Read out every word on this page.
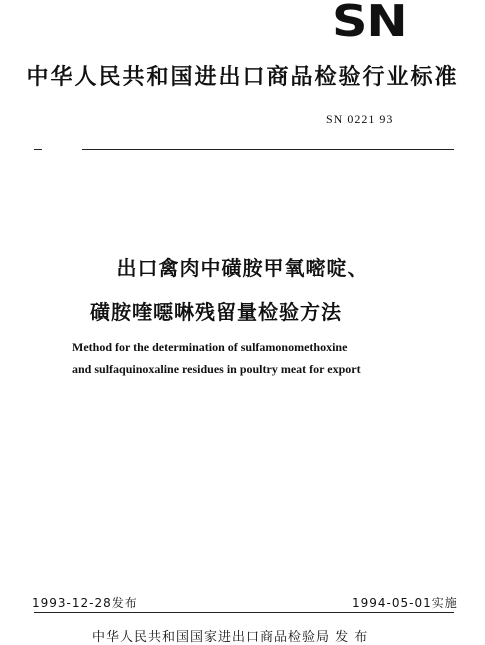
SN
中华人民共和国进出口商品检验行业标准
SN 0221 93
出口禽肉中磺胺甲氧嘧啶、
磺胺喹噁啉残留量检验方法
Method for the determination of sulfamonomethoxine
and sulfaquinoxaline residues in poultry meat for export
1993-12-28发布	1994-05-01实施
中华人民共和国国家进出口商品检验局 发 布
